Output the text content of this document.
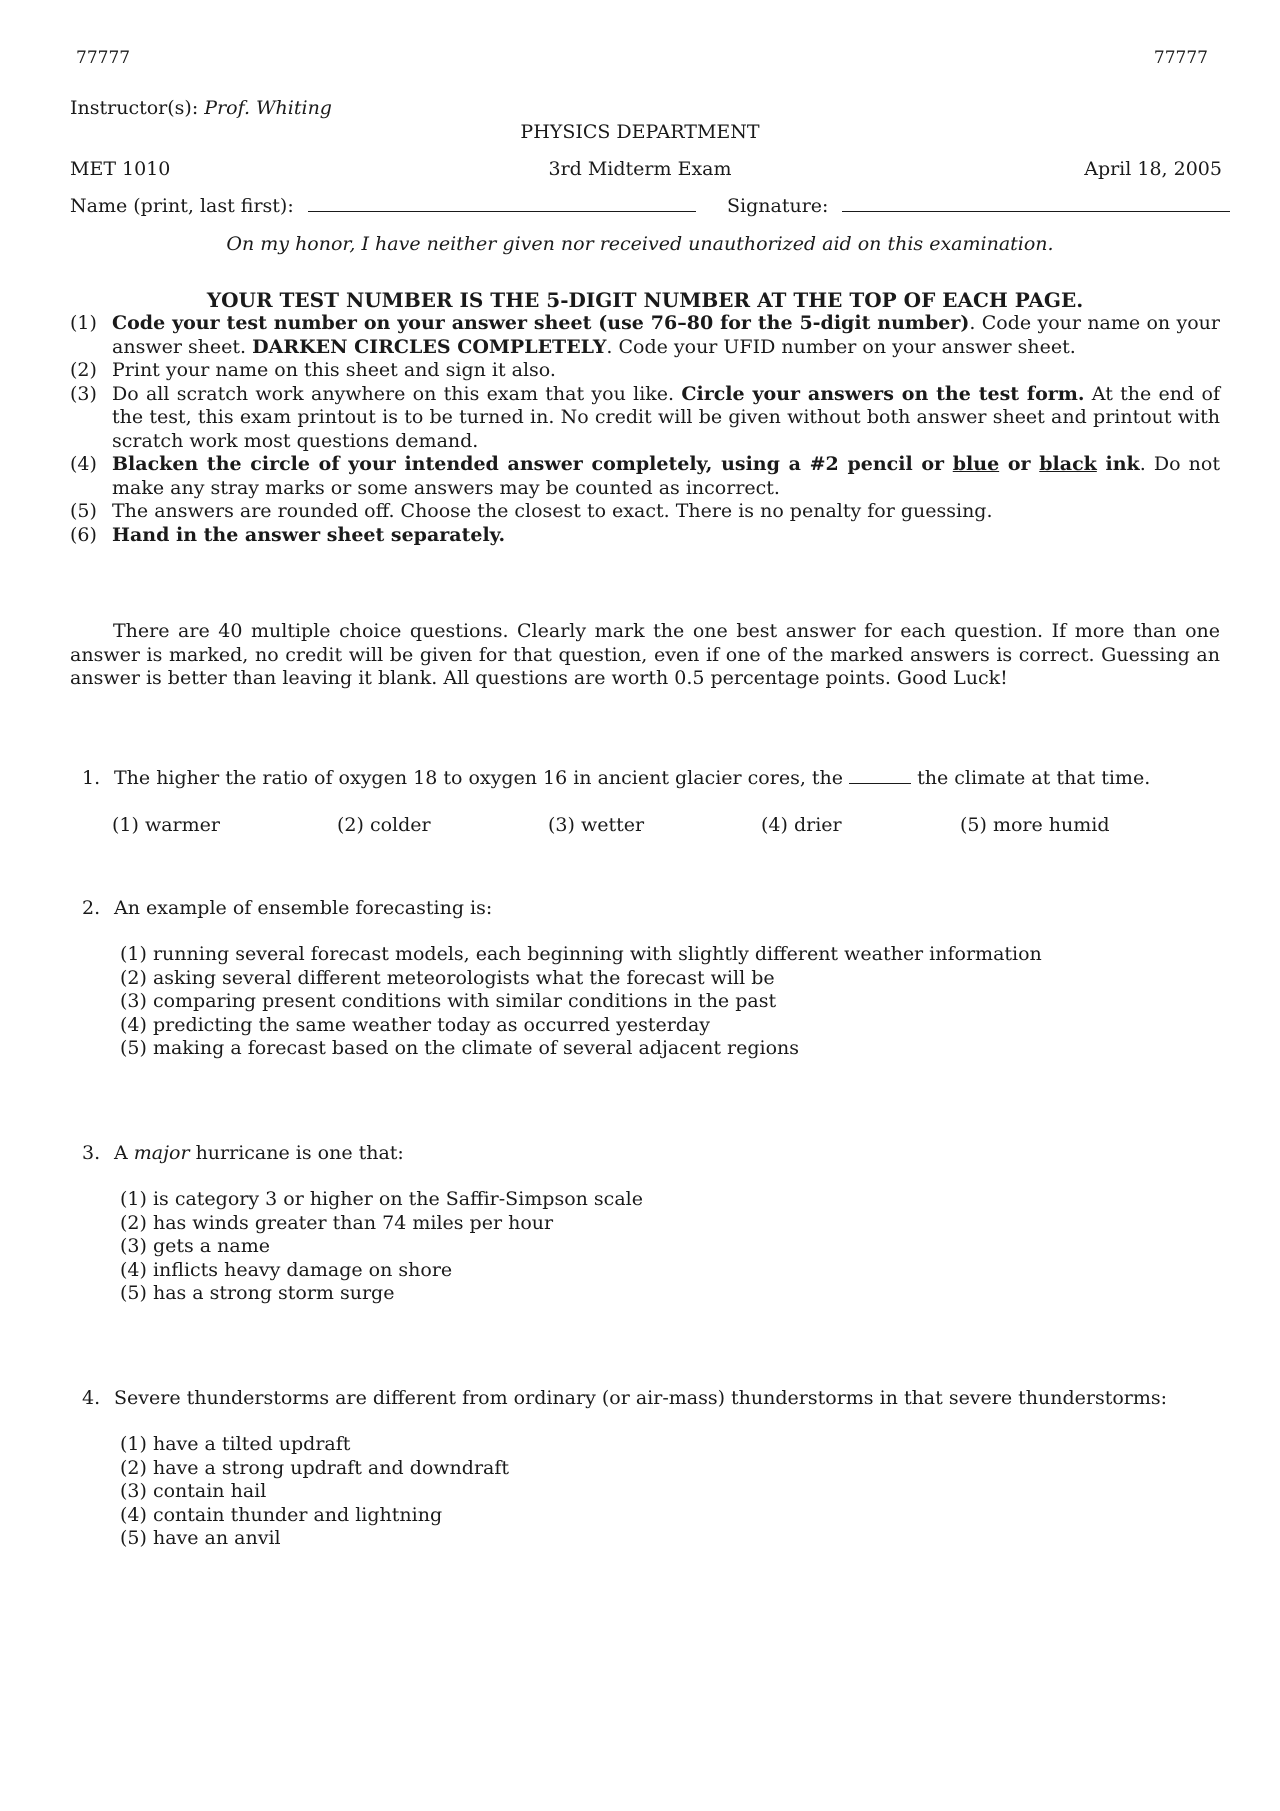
77777	77777
Instructor(s): Prof. Whiting
PHYSICS DEPARTMENT
MET 1010	3rd Midterm Exam	April 18, 2005
Name (print, last first):	Signature:
On my honor, I have neither given nor received unauthorized aid on this examination.
YOUR TEST NUMBER IS THE 5-DIGIT NUMBER AT THE TOP OF EACH PAGE.
(1) Code your test number on your answer sheet (use 76–80 for the 5-digit number). Code your name on your answer sheet. DARKEN CIRCLES COMPLETELY. Code your UFID number on your answer sheet.
(2) Print your name on this sheet and sign it also.
(3) Do all scratch work anywhere on this exam that you like. Circle your answers on the test form. At the end of the test, this exam printout is to be turned in. No credit will be given without both answer sheet and printout with scratch work most questions demand.
(4) Blacken the circle of your intended answer completely, using a #2 pencil or blue or black ink. Do not make any stray marks or some answers may be counted as incorrect.
(5) The answers are rounded off. Choose the closest to exact. There is no penalty for guessing.
(6) Hand in the answer sheet separately.
There are 40 multiple choice questions. Clearly mark the one best answer for each question. If more than one answer is marked, no credit will be given for that question, even if one of the marked answers is correct. Guessing an answer is better than leaving it blank. All questions are worth 0.5 percentage points. Good Luck!
1. The higher the ratio of oxygen 18 to oxygen 16 in ancient glacier cores, the	the climate at that time.
(1) warmer	(2) colder	(3) wetter	(4) drier	(5) more humid
2. An example of ensemble forecasting is:
(1) running several forecast models, each beginning with slightly different weather information
(2) asking several different meteorologists what the forecast will be
(3) comparing present conditions with similar conditions in the past
(4) predicting the same weather today as occurred yesterday
(5) making a forecast based on the climate of several adjacent regions
3. A major hurricane is one that:
(1) is category 3 or higher on the Saffir-Simpson scale
(2) has winds greater than 74 miles per hour
(3) gets a name
(4) inflicts heavy damage on shore
(5) has a strong storm surge
4. Severe thunderstorms are different from ordinary (or air-mass) thunderstorms in that severe thunderstorms:
(1) have a tilted updraft
(2) have a strong updraft and downdraft
(3) contain hail
(4) contain thunder and lightning
(5) have an anvil
